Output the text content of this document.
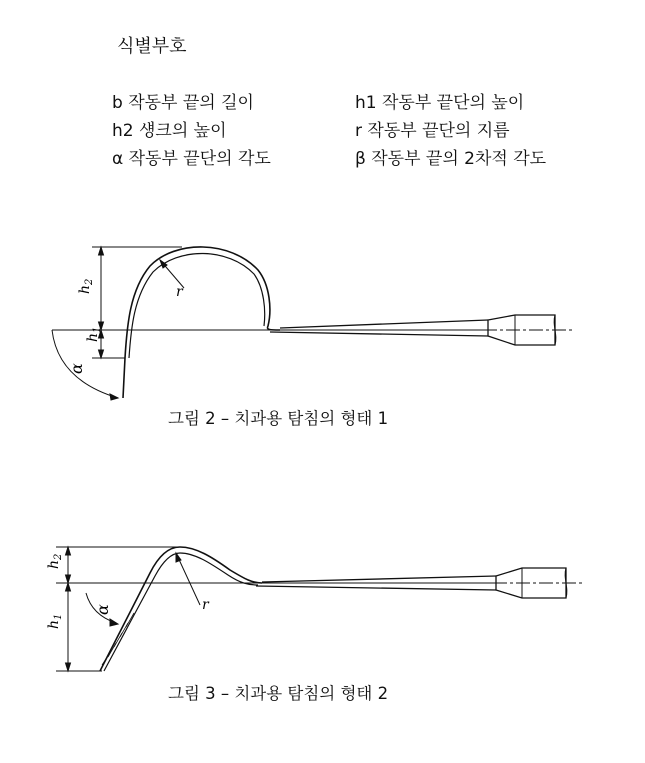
식별부호
b 작동부 끝의 길이	h1 작동부 끝단의 높이
h2 섕크의 높이	r 작동부 끝단의 지름
α 작동부 끝단의 각도	β 작동부 끝의 2차적 각도
$h_2$
$h_1$
α
r
그림 2 – 치과용 탐침의 형태 1
$h_2$
$h_1$
α	r
그림 3 – 치과용 탐침의 형태 2
